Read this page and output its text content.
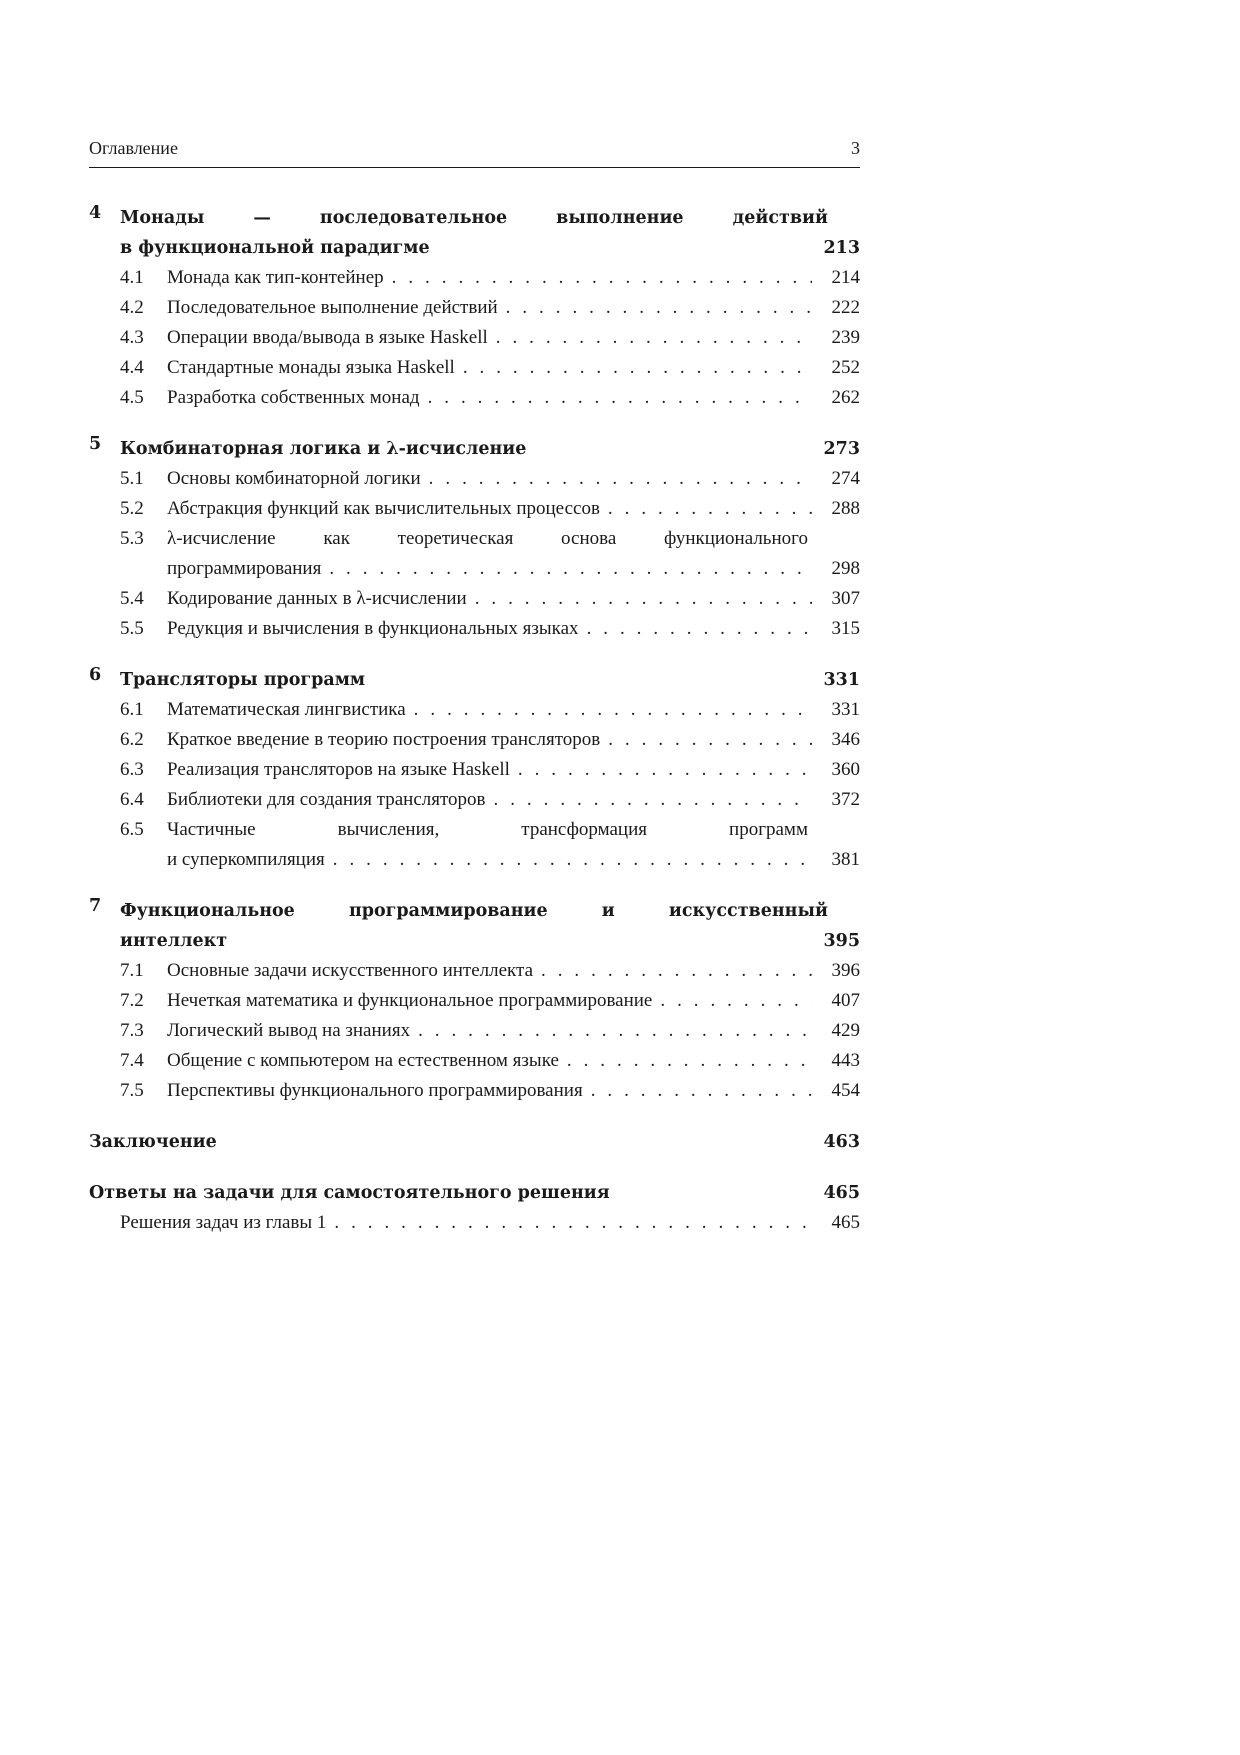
Оглавление	3
4	Монады	—	последовательное	выполнение	действий
в функциональной парадигме	213
4.1	Монада как тип-контейнер . . .	214
4.2	Последовательное выполнение действий . . .	222
4.3	Операции ввода/вывода в языке Haskell . . .	239
4.4	Стандартные монады языка Haskell . . .	252
4.5	Разработка собственных монад . . .	262
5	Комбинаторная логика и λ-исчисление	273
5.1	Основы комбинаторной логики . . .	274
5.2	Абстракция функций как вычислительных процессов . . .	288
5.3	λ-исчисление	как	теоретическая	основа	функционального
программирования . . .	298
5.4	Кодирование данных в λ-исчислении . . .	307
5.5	Редукция и вычисления в функциональных языках . . .	315
6	Трансляторы программ	331
6.1	Математическая лингвистика . . .	331
6.2	Краткое введение в теорию построения трансляторов . . .	346
6.3	Реализация трансляторов на языке Haskell . . .	360
6.4	Библиотеки для создания трансляторов . . .	372
6.5	Частичные	вычисления,	трансформация	программ
и суперкомпиляция . . .	381
7	Функциональное	программирование	и	искусственный
интеллект	395
7.1	Основные задачи искусственного интеллекта . . .	396
7.2	Нечеткая математика и функциональное программирование . . .	407
7.3	Логический вывод на знаниях . . .	429
7.4	Общение с компьютером на естественном языке . . .	443
7.5	Перспективы функционального программирования . . .	454
Заключение	463
Ответы на задачи для самостоятельного решения	465
Решения задач из главы 1 . . .	465
